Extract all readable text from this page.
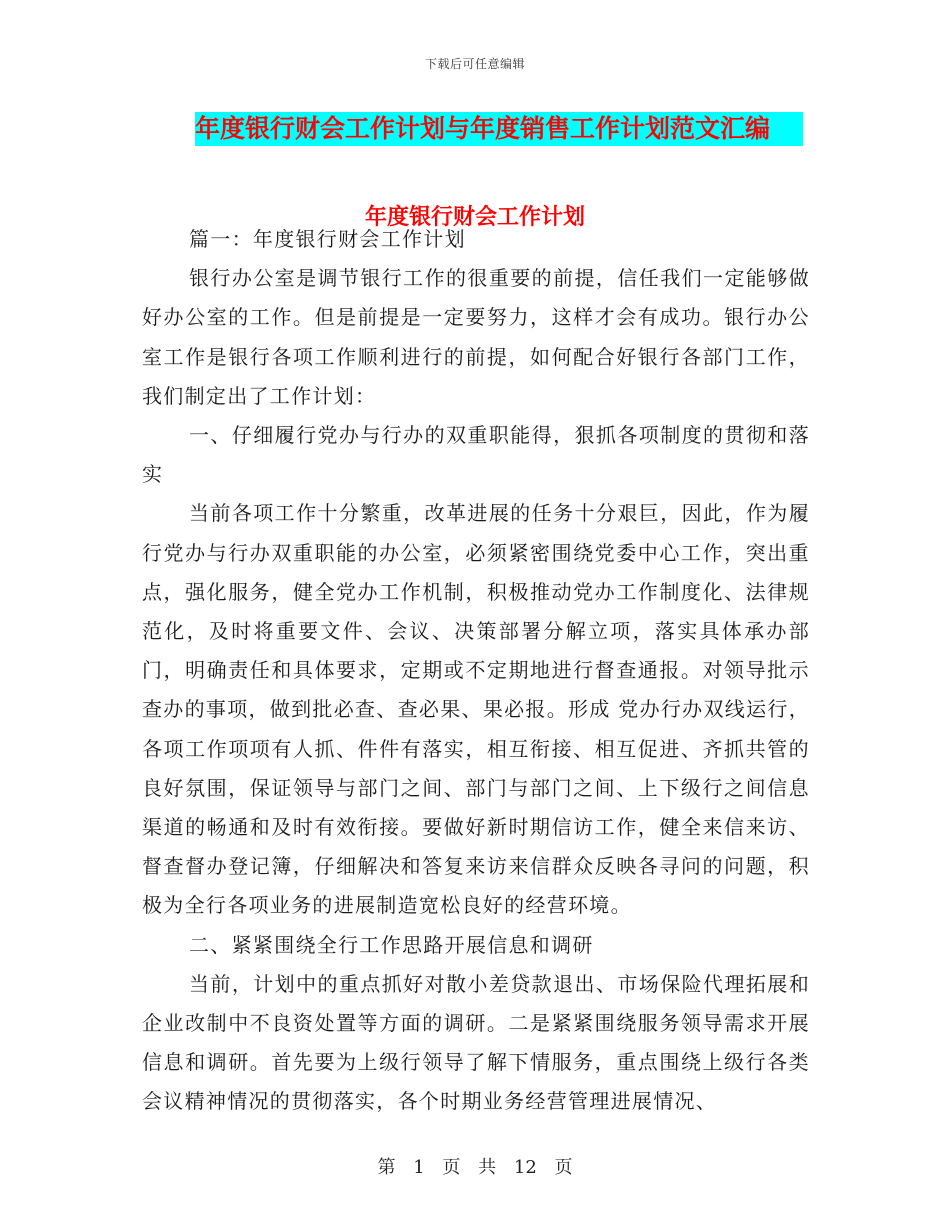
下载后可任意编辑
年度银行财会工作计划与年度销售工作计划范文汇编
年度银行财会工作计划

篇一：年度银行财会工作计划

银行办公室是调节银行工作的很重要的前提，信任我们一定能够做好办公室的工作。但是前提是一定要努力，这样才会有成功。银行办公室工作是银行各项工作顺利进行的前提，如何配合好银行各部门工作，我们制定出了工作计划：

一、仔细履行党办与行办的双重职能得，狠抓各项制度的贯彻和落实

当前各项工作十分繁重，改革进展的任务十分艰巨，因此，作为履行党办与行办双重职能的办公室，必须紧密围绕党委中心工作，突出重点，强化服务，健全党办工作机制，积极推动党办工作制度化、法律规范化，及时将重要文件、会议、决策部署分解立项，落实具体承办部门，明确责任和具体要求，定期或不定期地进行督查通报。对领导批示查办的事项，做到批必查、查必果、果必报。形成 党办行办双线运行，各项工作项项有人抓、件件有落实，相互衔接、相互促进、齐抓共管的良好氛围，保证领导与部门之间、部门与部门之间、上下级行之间信息渠道的畅通和及时有效衔接。要做好新时期信访工作，健全来信来访、督查督办登记簿，仔细解决和答复来访来信群众反映各寻问的问题，积极为全行各项业务的进展制造宽松良好的经营环境。

二、紧紧围绕全行工作思路开展信息和调研

当前，计划中的重点抓好对散小差贷款退出、市场保险代理拓展和企业改制中不良资处置等方面的调研。二是紧紧围绕服务领导需求开展信息和调研。首先要为上级行领导了解下情服务，重点围绕上级行各类会议精神情况的贯彻落实，各个时期业务经营管理进展情况、

第 1 页 共 12 页
